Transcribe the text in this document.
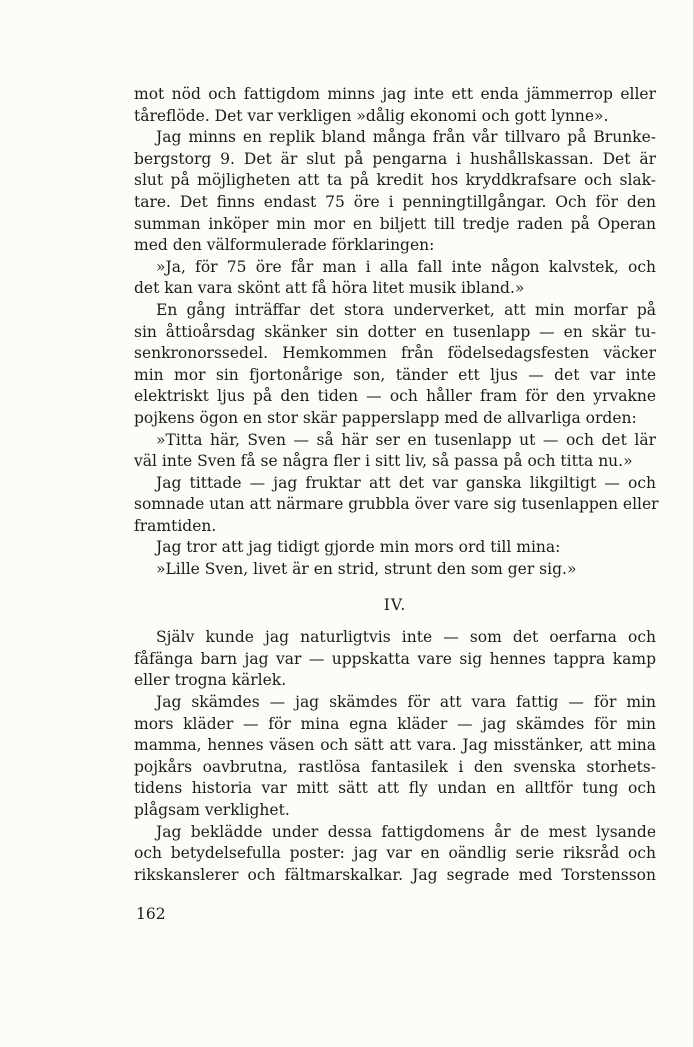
mot nöd och fattigdom minns jag inte ett enda jämmerrop eller
tåreflöde. Det var verkligen »dålig ekonomi och gott lynne».
Jag minns en replik bland många från vår tillvaro på Brunke-
bergstorg 9. Det är slut på pengarna i hushållskassan. Det är
slut på möjligheten att ta på kredit hos kryddkrafsare och slak-
tare. Det finns endast 75 öre i penningtillgångar. Och för den
summan inköper min mor en biljett till tredje raden på Operan
med den välformulerade förklaringen:
»Ja, för 75 öre får man i alla fall inte någon kalvstek, och
det kan vara skönt att få höra litet musik ibland.»
En gång inträffar det stora underverket, att min morfar på
sin åttioårsdag skänker sin dotter en tusenlapp — en skär tu-
senkronorssedel. Hemkommen från födelsedagsfesten väcker
min mor sin fjortonårige son, tänder ett ljus — det var inte
elektriskt ljus på den tiden — och håller fram för den yrvakne
pojkens ögon en stor skär papperslapp med de allvarliga orden:
»Titta här, Sven — så här ser en tusenlapp ut — och det lär
väl inte Sven få se några fler i sitt liv, så passa på och titta nu.»
Jag tittade — jag fruktar att det var ganska likgiltigt — och
somnade utan att närmare grubbla över vare sig tusenlappen eller
framtiden.
Jag tror att jag tidigt gjorde min mors ord till mina:
»Lille Sven, livet är en strid, strunt den som ger sig.»
IV.
Själv kunde jag naturligtvis inte — som det oerfarna och
fåfänga barn jag var — uppskatta vare sig hennes tappra kamp
eller trogna kärlek.
Jag skämdes — jag skämdes för att vara fattig — för min
mors kläder — för mina egna kläder — jag skämdes för min
mamma, hennes väsen och sätt att vara. Jag misstänker, att mina
pojkårs oavbrutna, rastlösa fantasilek i den svenska storhets-
tidens historia var mitt sätt att fly undan en alltför tung och
plågsam verklighet.
Jag beklädde under dessa fattigdomens år de mest lysande
och betydelsefulla poster: jag var en oändlig serie riksråd och
rikskanslerer och fältmarskalkar. Jag segrade med Torstensson
162
